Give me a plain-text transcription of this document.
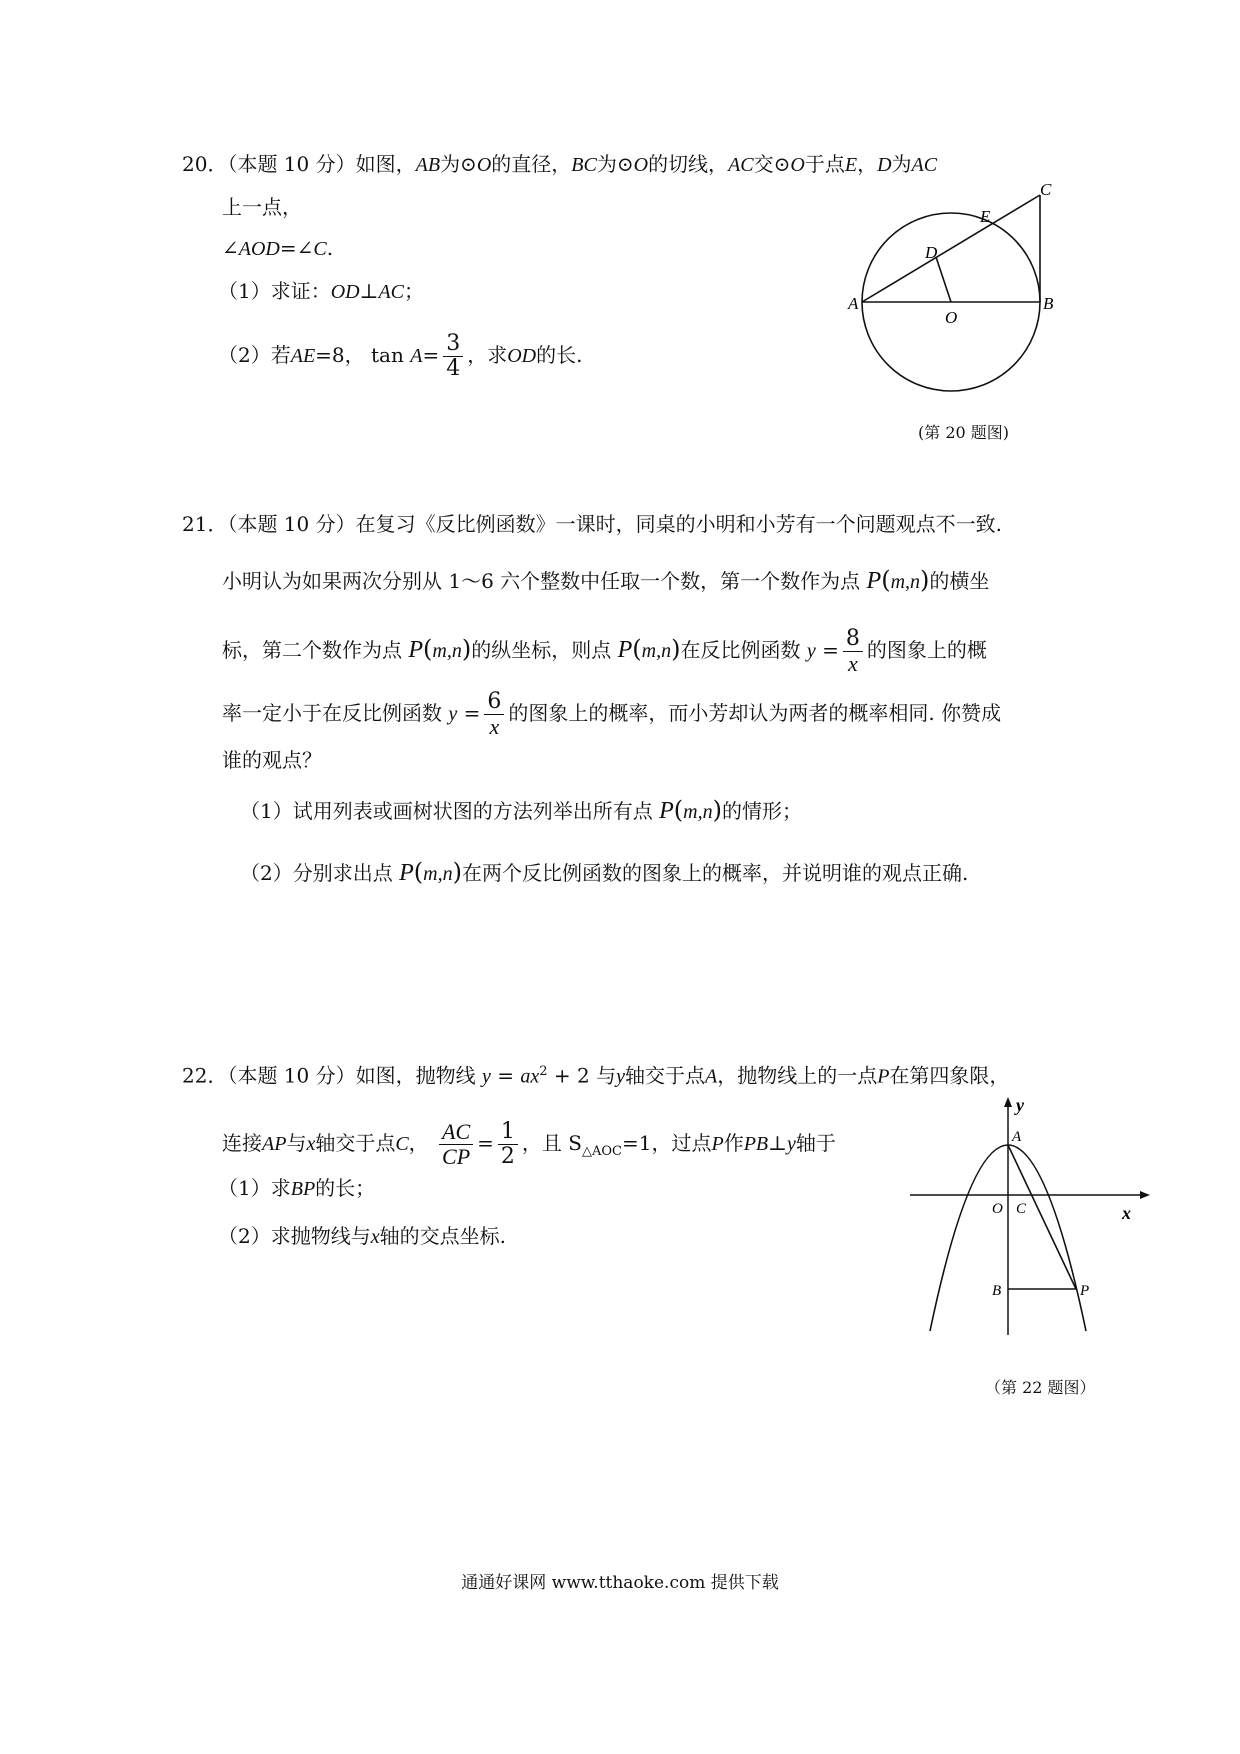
20．（本题 10 分）如图，AB为⊙O的直径，BC为⊙O的切线，AC交⊙O于点E，D为AC
上一点，
∠AOD=∠C.
（1）求证：OD⊥AC；
（2）若AE=8， $\tan A= \frac{3}{4}$ ，求OD的长.
A	B
C
D
E
O
(第 20 题图)
21．（本题 10 分）在复习《反比例函数》一课时，同桌的小明和小芳有一个问题观点不一致.
小明认为如果两次分别从 1～6 六个整数中任取一个数，第一个数作为点 P(m,n)的横坐
标，第二个数作为点 P(m,n)的纵坐标，则点 P(m,n)在反比例函数 $y = \frac{8}{x}$ 的图象上的概
率一定小于在反比例函数 $y = \frac{6}{x}$ 的图象上的概率，而小芳却认为两者的概率相同. 你赞成
谁的观点？
（1）试用列表或画树状图的方法列举出所有点 P(m,n)的情形；
（2）分别求出点 P(m,n)在两个反比例函数的图象上的概率，并说明谁的观点正确.
22．（本题 10 分）如图，抛物线 $y = ax^2 + 2$ 与y轴交于点A，抛物线上的一点P在第四象限，
连接AP与x轴交于点C， $\frac{AC}{CP} = \frac{1}{2}$ ，且 $S_{\triangle AOC}=1$，过点P作PB⊥y轴于
（1）求BP的长；
（2）求抛物线与x轴的交点坐标.
y
x
A
O C
B	P
（第 22 题图）
通通好课网 www.tthaoke.com 提供下载
